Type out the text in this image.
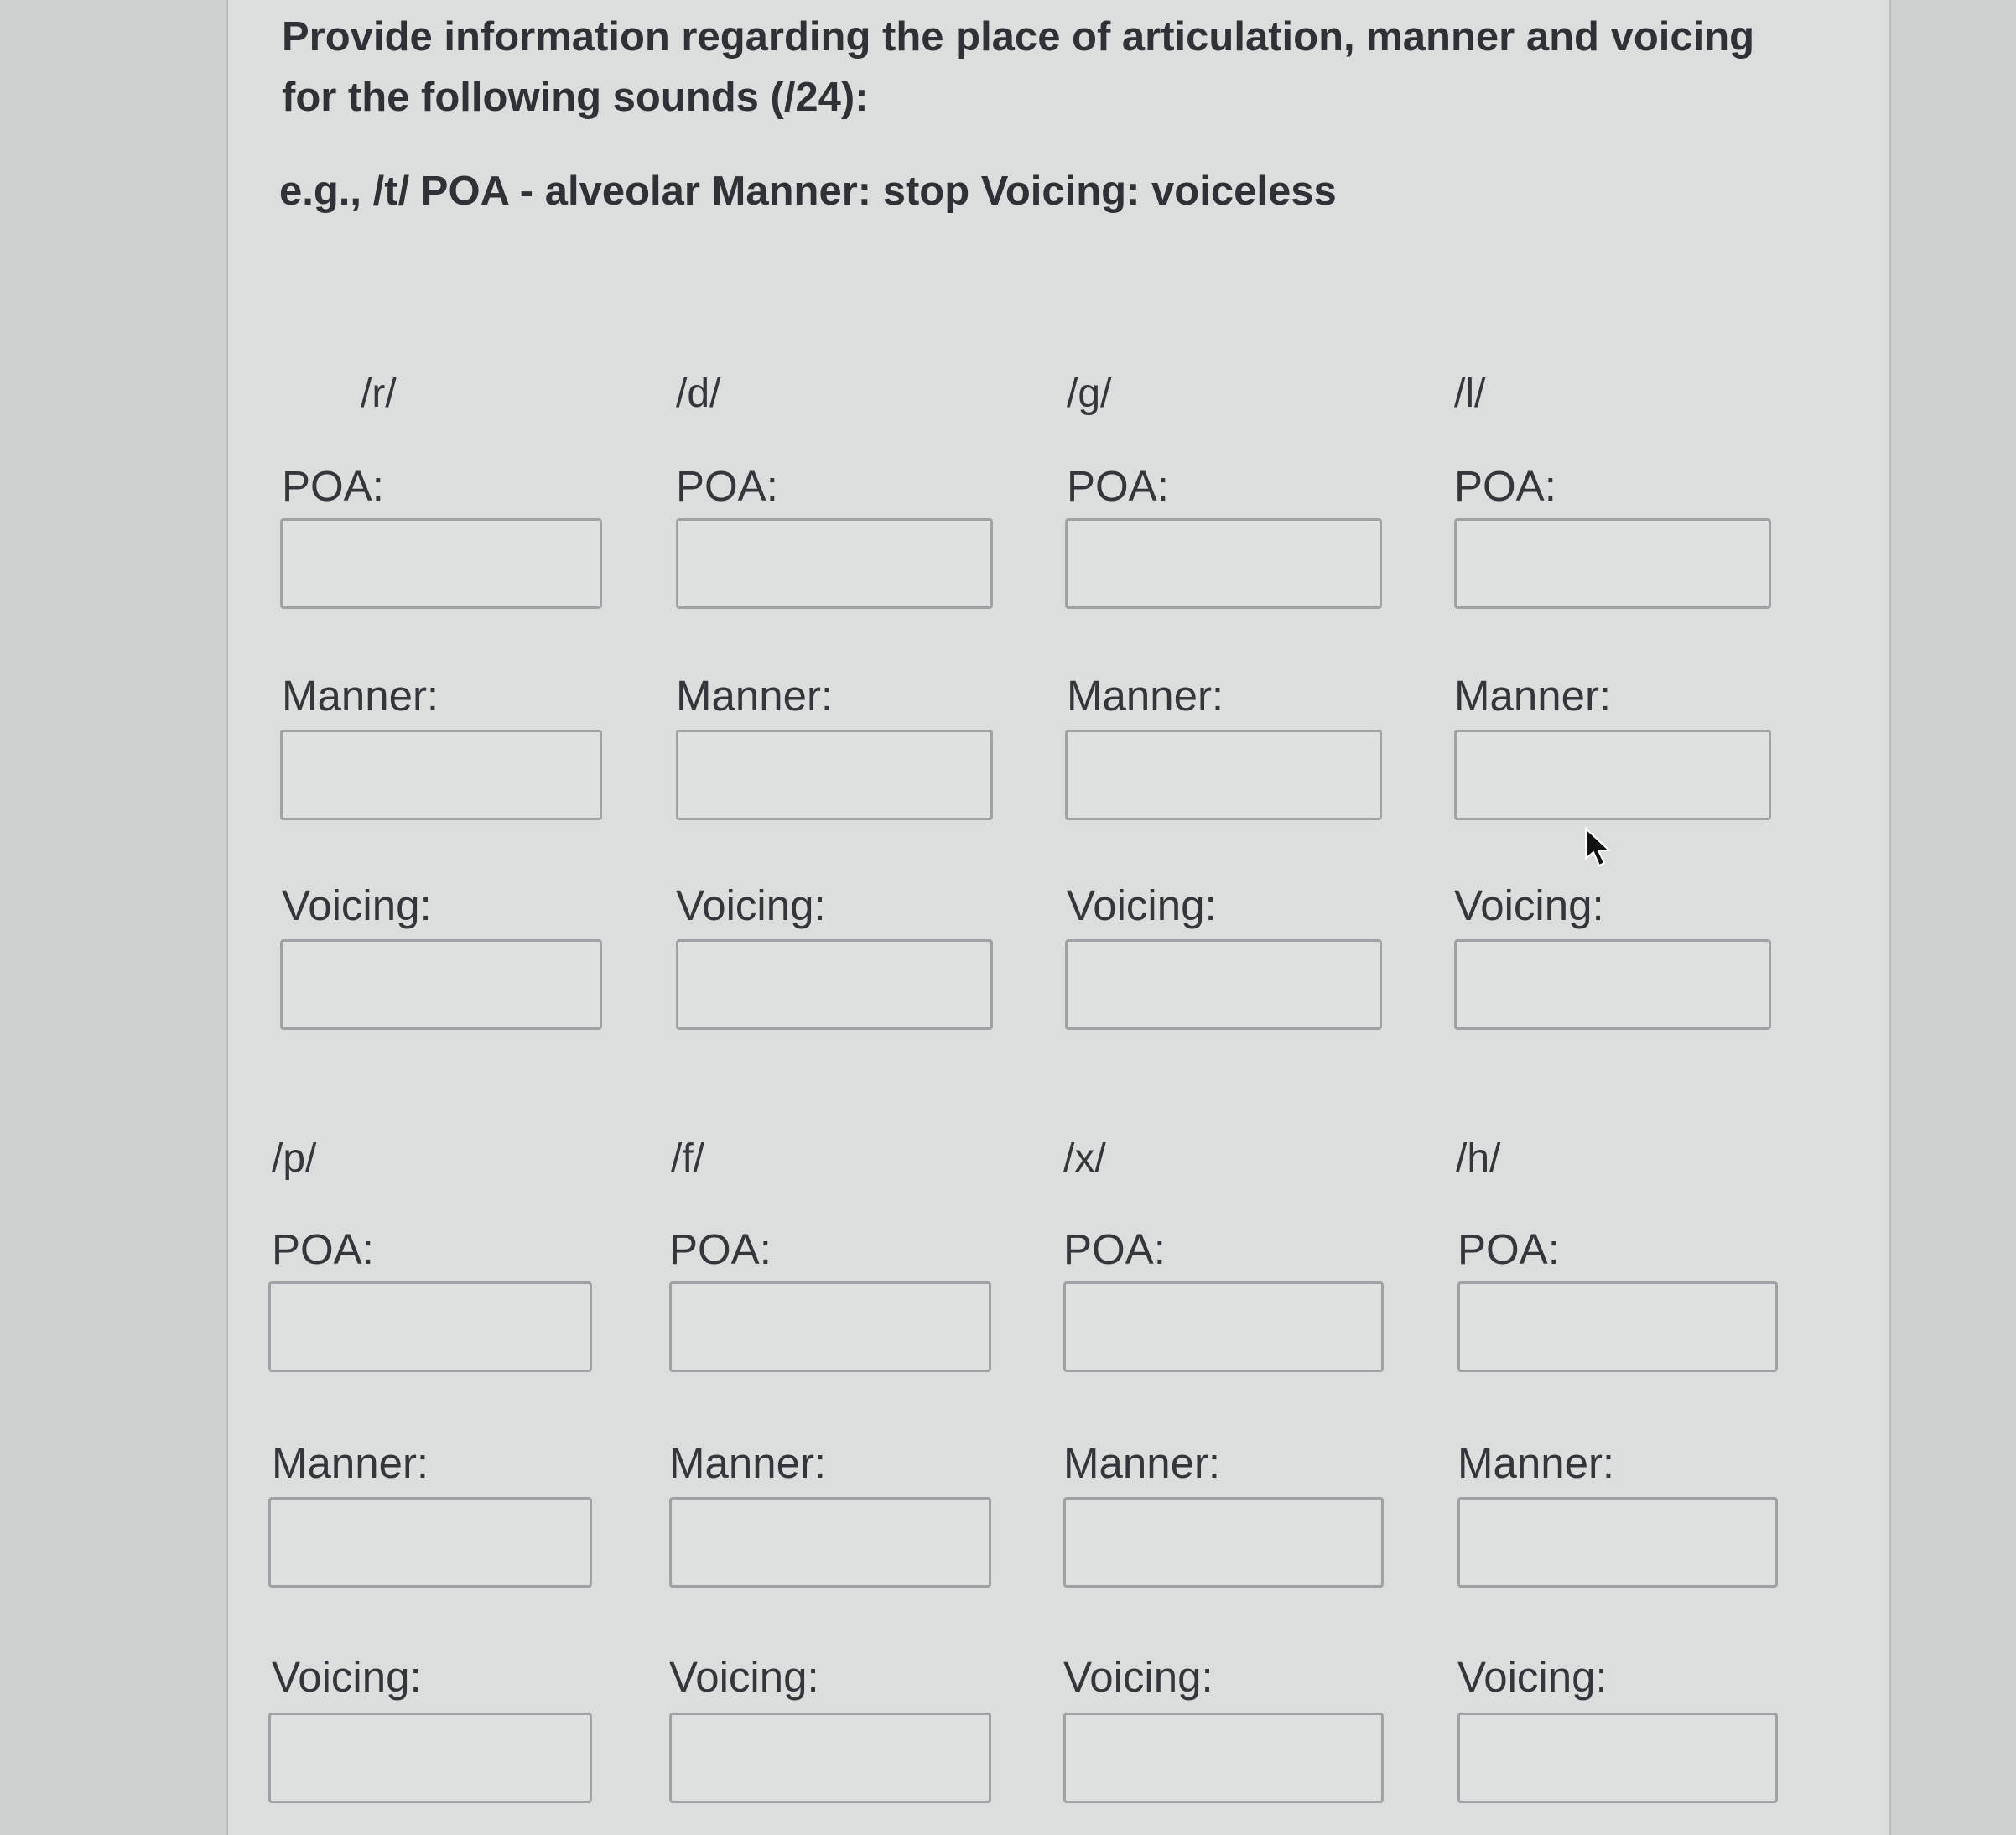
Provide information regarding the place of articulation, manner and voicing for the following sounds (/24):

e.g., /t/ POA - alveolar Manner: stop Voicing: voiceless

/r/
POA:
Manner:
Voicing:
/d/
POA:
Manner:
Voicing:
/g/
POA:
Manner:
Voicing:
/l/
POA:
Manner:
Voicing:
/p/
POA:
Manner:
Voicing:
/f/
POA:
Manner:
Voicing:
/x/
POA:
Manner:
Voicing:
/h/
POA:
Manner:
Voicing:
